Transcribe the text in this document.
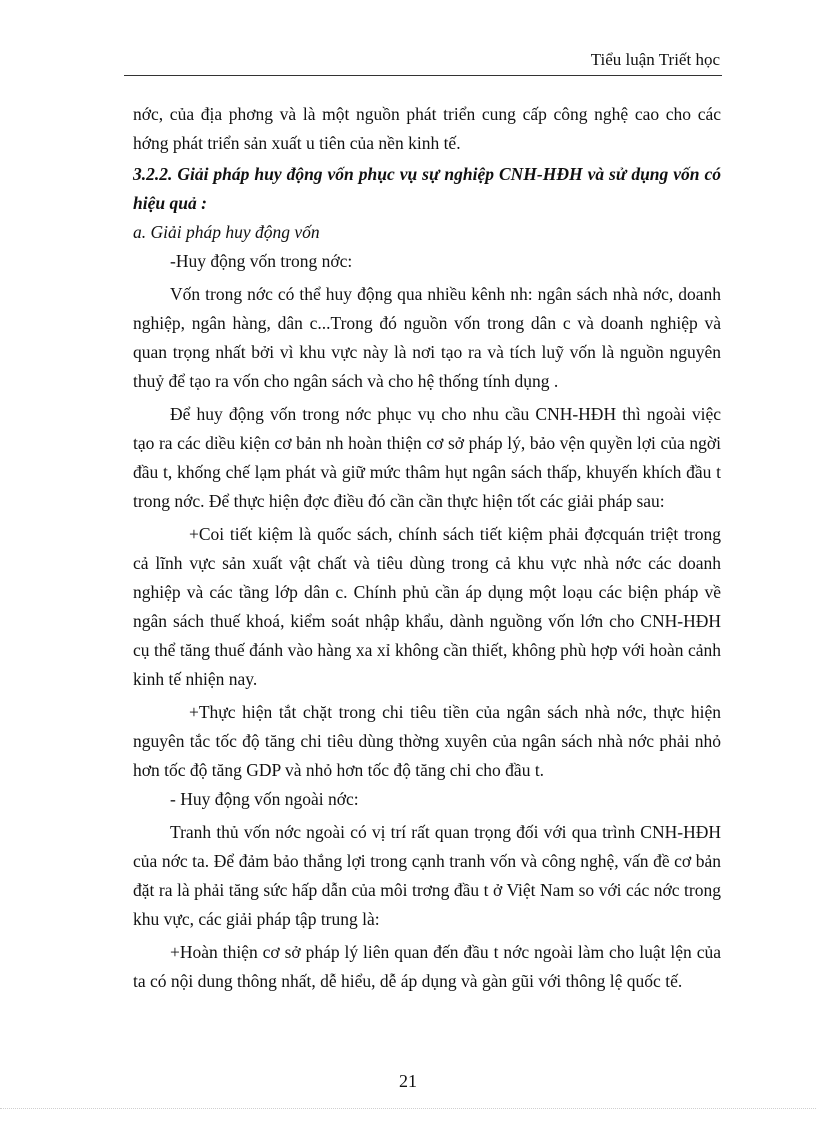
Tiểu luận Triết học

nớc, của địa phơng và là một nguồn phát triển cung cấp công nghệ cao cho các hớng phát triển sản xuất u tiên của nền kinh tế.

3.2.2. Giải pháp huy động vốn phục vụ sự nghiệp CNH-HĐH và sử dụng vốn có hiệu quả :

a. Giải pháp huy động vốn

-Huy động vốn trong nớc:

Vốn trong nớc có thể huy động qua nhiều kênh nh: ngân sách nhà nớc, doanh nghiệp, ngân hàng, dân c...Trong đó nguồn vốn trong dân c và doanh nghiệp và quan trọng nhất bởi vì khu vực này là nơi tạo ra và tích luỹ vốn là nguồn nguyên thuỷ để tạo ra vốn cho ngân sách và cho hệ thống tính dụng .

Để huy động vốn trong nớc phục vụ cho nhu cầu CNH-HĐH thì ngoài việc tạo ra các diều kiện cơ bản nh hoàn thiện cơ sở pháp lý, bảo vện quyền lợi của ngời đầu t, khống chế lạm phát và giữ mức thâm hụt ngân sách thấp, khuyến khích đầu t trong nớc. Để thực hiện đợc điều đó cần cần thực hiện tốt các giải pháp sau:

+Coi tiết kiệm là quốc sách, chính sách tiết kiệm phải đợcquán triệt trong cả lĩnh vực sản xuất vật chất và tiêu dùng trong cả khu vực nhà nớc các doanh nghiệp và các tầng lớp dân c. Chính phủ cần áp dụng một loạu các biện pháp về ngân sách thuế khoá, kiểm soát nhập khẩu, dành nguồng vốn lớn cho CNH-HĐH cụ thể tăng thuế đánh vào hàng xa xỉ không cần thiết, không phù hợp với hoàn cảnh kinh tế nhiện nay.

+Thực hiện tắt chặt trong chi tiêu tiền của ngân sách nhà nớc, thực hiện nguyên tắc tốc độ tăng chi tiêu dùng thờng xuyên của ngân sách nhà nớc phải nhỏ hơn tốc độ tăng GDP và nhỏ hơn tốc độ tăng chi cho đầu t.

- Huy động vốn ngoài nớc:

Tranh thủ vốn nớc ngoài có vị trí rất quan trọng đối với qua trình CNH-HĐH của nớc ta. Để đảm bảo thắng lợi trong cạnh tranh vốn và công nghệ, vấn đề cơ bản đặt ra là phải tăng sức hấp dẫn của môi trơng đầu t ở Việt Nam so với các nớc trong khu vực, các giải pháp tập trung là:

+Hoàn thiện cơ sở pháp lý liên quan đến đầu t nớc ngoài làm cho luật lện của ta có nội dung thông nhất, dễ hiểu, dễ áp dụng và gàn gũi với thông lệ quốc tế.

21
